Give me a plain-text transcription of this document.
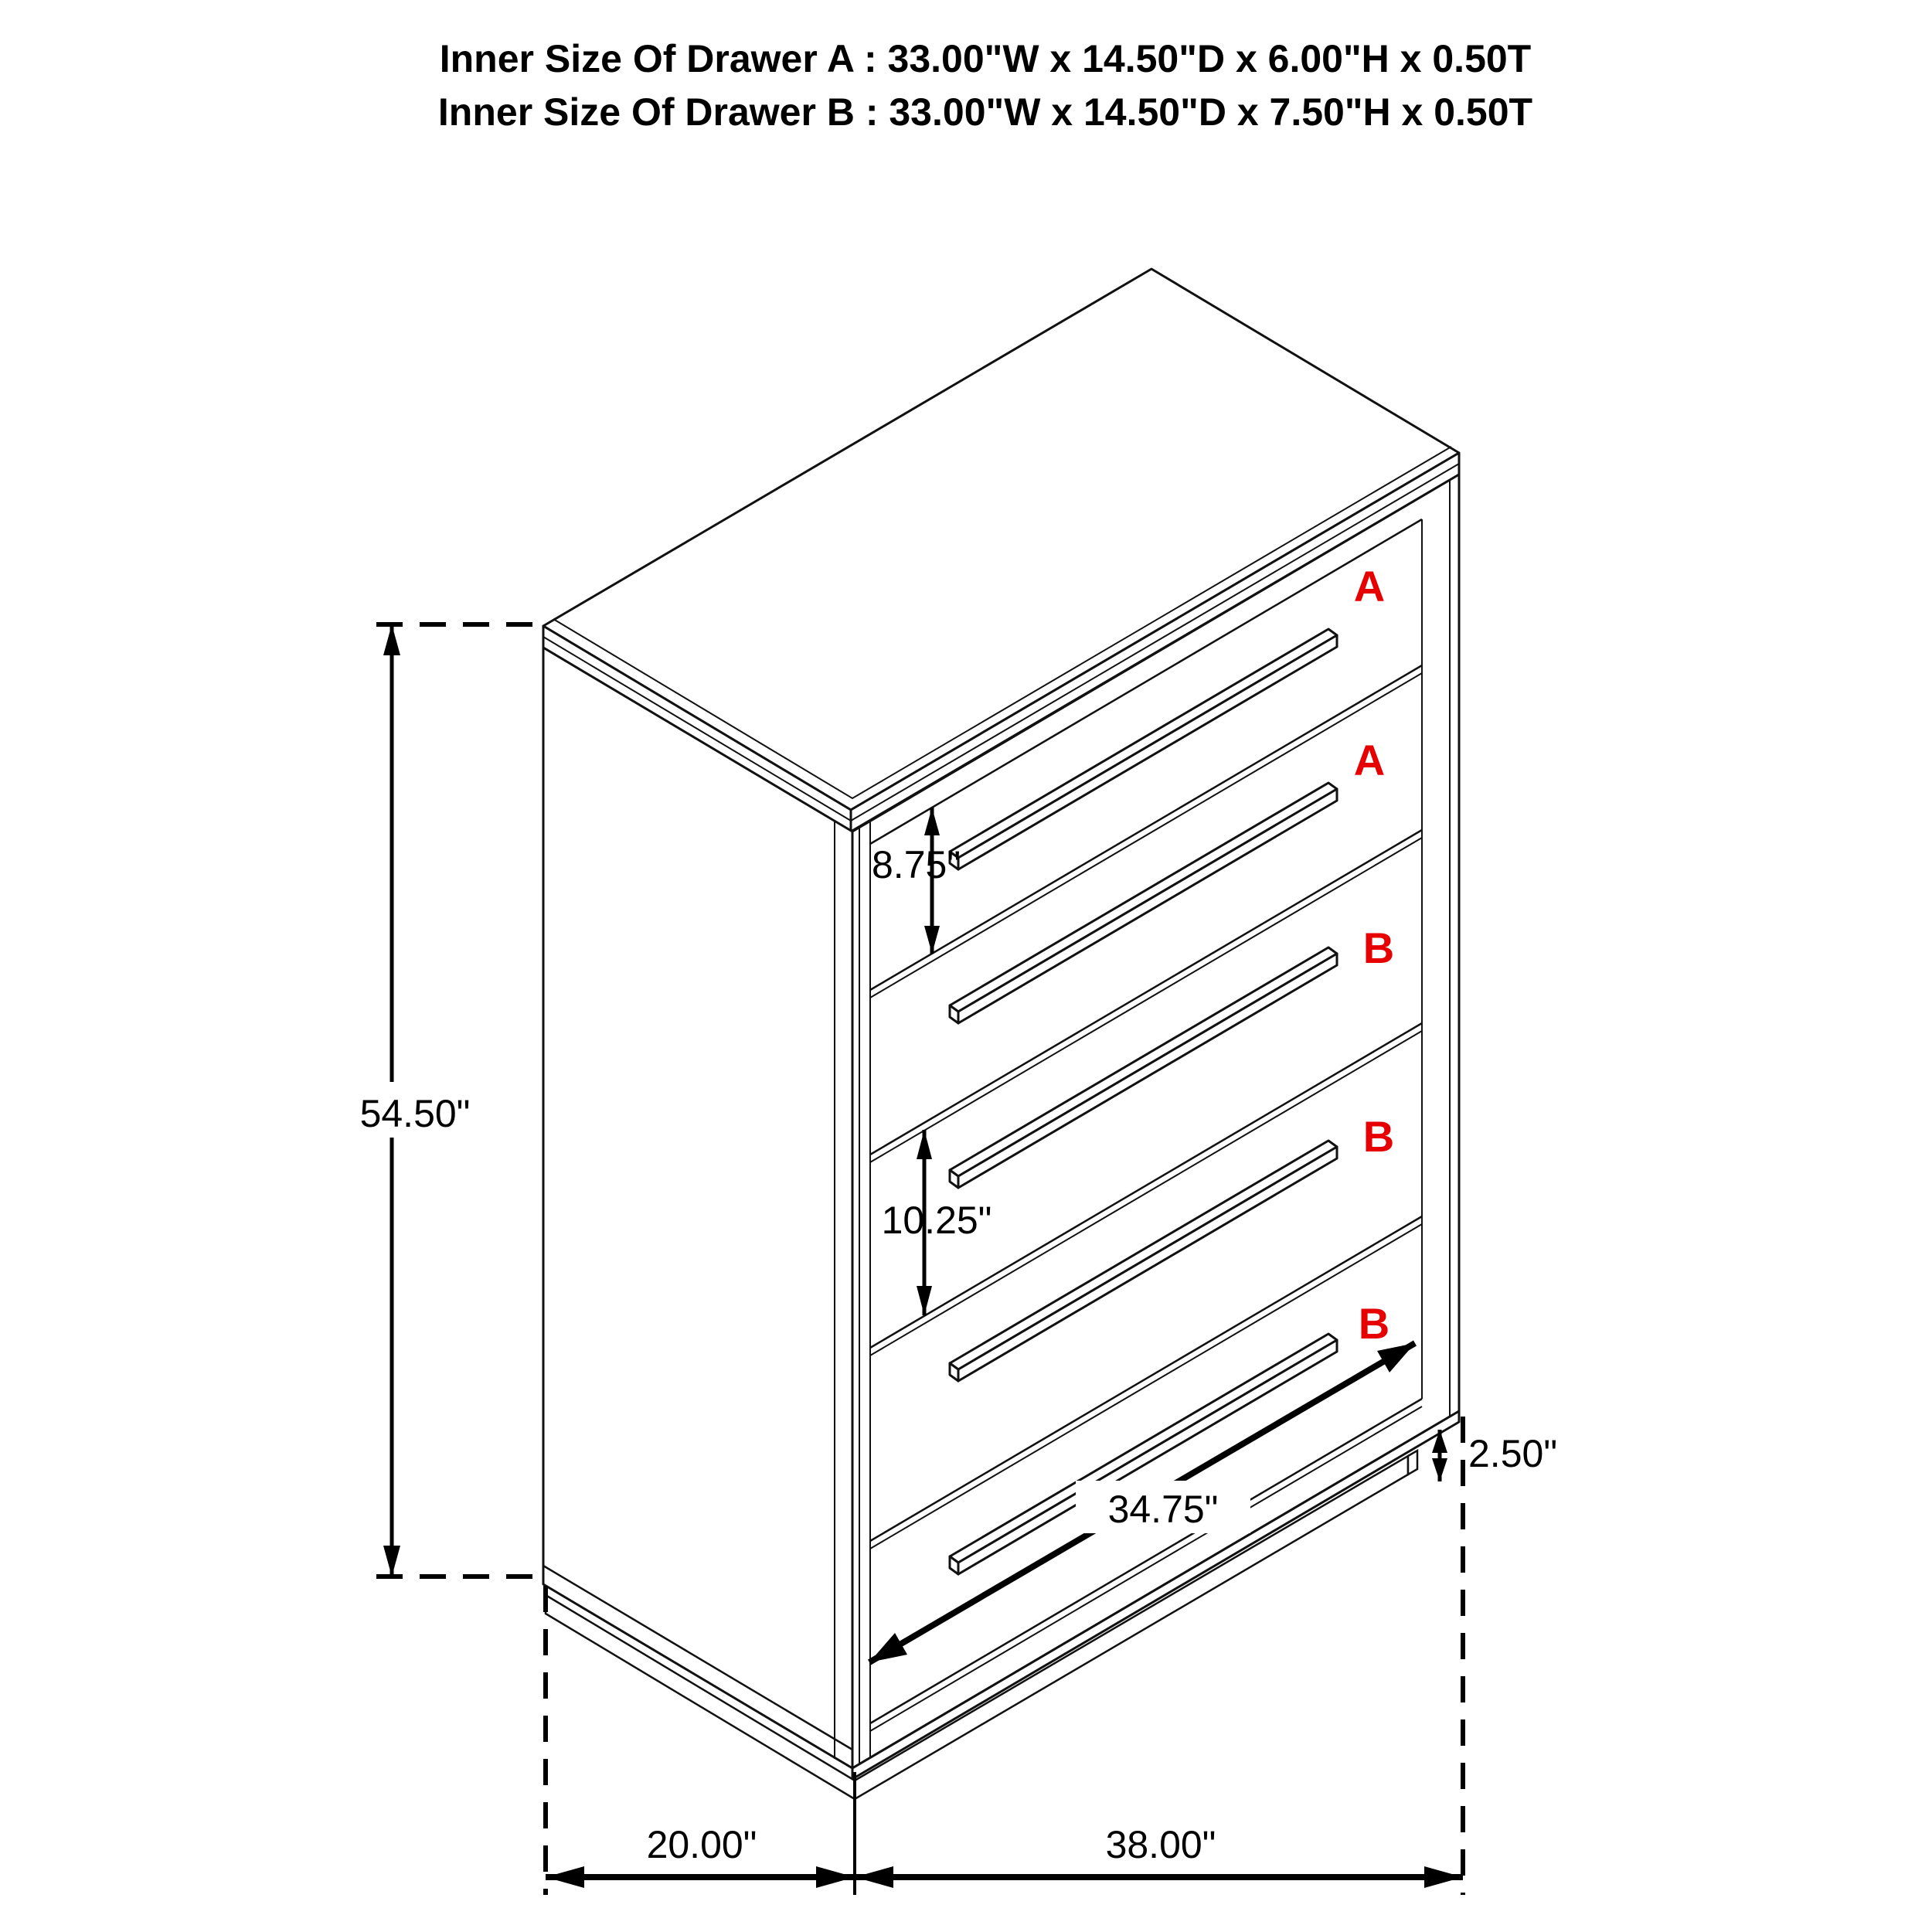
A
A
B
B
B
54.50"
8.75"
10.25"
34.75"
2.50"
20.00"	38.00"
Inner Size Of Drawer A : 33.00"W x 14.50"D x 6.00"H x 0.50T
Inner Size Of Drawer B : 33.00"W x 14.50"D x 7.50"H x 0.50T
